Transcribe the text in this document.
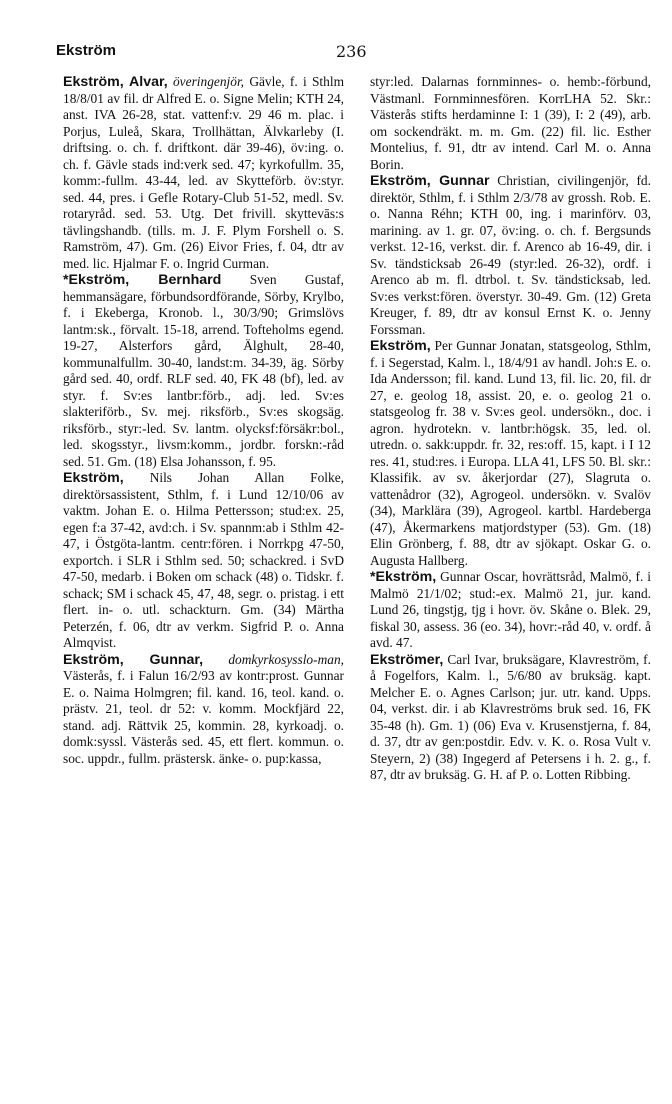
Ekström	236

Ekström, Alvar, överingenjör, Gävle, f. i Sthlm 18/8/01 av fil. dr Alfred E. o. Signe Melin; KTH 24, anst. IVA 26-28, stat. vattenf:v. 29 46 m. plac. i Porjus, Luleå, Skara, Trollhättan, Älvkarleby (I. driftsing. o. ch. f. driftkont. där 39-46), öv:ing. o. ch. f. Gävle stads ind:verk sed. 47; kyrkofullm. 35, komm:-fullm. 43-44, led. av Skytteförb. öv:styr. sed. 44, pres. i Gefle Rotary-Club 51-52, medl. Sv. rotaryråd. sed. 53. Utg. Det frivill. skyttevās:s tävlingshandb. (tills. m. J. F. Plym Forshell o. S. Ramström, 47). Gm. (26) Eivor Fries, f. 04, dtr av med. lic. Hjalmar F. o. Ingrid Curman.

*Ekström, Bernhard Sven Gustaf, hemmansägare, förbundsordförande, Sörby, Krylbo, f. i Ekeberga, Kronob. l., 30/3/90; Grimslövs lantm:sk., förvalt. 15-18, arrend. Tofteholms egend. 19-27, Alsterfors gård, Älghult, 28-40, kommunalfullm. 30-40, landst:m. 34-39, äg. Sörby gård sed. 40, ordf. RLF sed. 40, FK 48 (bf), led. av styr. f. Sv:es lantbr:förb., adj. led. Sv:es slakteriförb., Sv. mej. riksförb., Sv:es skogsäg. riksförb., styr:-led. Sv. lantm. olycksf:försäkr:bol., led. skogsstyr., livsm:komm., jordbr. forskn:-råd sed. 51. Gm. (18) Elsa Johansson, f. 95.

Ekström, Nils Johan Allan Folke, direktörsassistent, Sthlm, f. i Lund 12/10/06 av vaktm. Johan E. o. Hilma Pettersson; stud:ex. 25, egen f:a 37-42, avd:ch. i Sv. spannm:ab i Sthlm 42-47, i Östgöta-lantm. centr:fören. i Norrkpg 47-50, exportch. i SLR i Sthlm sed. 50; schackred. i SvD 47-50, medarb. i Boken om schack (48) o. Tidskr. f. schack; SM i schack 45, 47, 48, segr. o. pristag. i ett flert. in- o. utl. schackturn. Gm. (34) Märtha Peterzén, f. 06, dtr av verkm. Sigfrid P. o. Anna Almqvist.

Ekström, Gunnar, domkyrkosysslo-man, Västerås, f. i Falun 16/2/93 av kontr:prost. Gunnar E. o. Naima Holmgren; fil. kand. 16, teol. kand. o. prästv. 21, teol. dr 52: v. komm. Mockfjärd 22, stand. adj. Rättvik 25, kommin. 28, kyrkoadj. o. domk:syssl. Västerås sed. 45, ett flert. kommun. o. soc. uppdr., fullm. prästersk. änke- o. pup:kassa,

styr:led. Dalarnas fornminnes- o. hemb:-förbund, Västmanl. Fornminnesfören. KorrLHA 52. Skr.: Västerås stifts herdaminne I: 1 (39), I: 2 (49), arb. om sockendräkt. m. m. Gm. (22) fil. lic. Esther Montelius, f. 91, dtr av intend. Carl M. o. Anna Borin.

Ekström, Gunnar Christian, civilingenjör, fd. direktör, Sthlm, f. i Sthlm 2/3/78 av grossh. Rob. E. o. Nanna Réhn; KTH 00, ing. i marinförv. 03, marining. av 1. gr. 07, öv:ing. o. ch. f. Bergsunds verkst. 12-16, verkst. dir. f. Arenco ab 16-49, dir. i Sv. tändsticksab 26-49 (styr:led. 26-32), ordf. i Arenco ab m. fl. dtrbol. t. Sv. tändsticksab, led. Sv:es verkst:fören. överstyr. 30-49. Gm. (12) Greta Kreuger, f. 89, dtr av konsul Ernst K. o. Jenny Forssman.

Ekström, Per Gunnar Jonatan, statsgeolog, Sthlm, f. i Segerstad, Kalm. l., 18/4/91 av handl. Joh:s E. o. Ida Andersson; fil. kand. Lund 13, fil. lic. 20, fil. dr 27, e. geolog 18, assist. 20, e. o. geolog 21 o. statsgeolog fr. 38 v. Sv:es geol. undersökn., doc. i agron. hydrotekn. v. lantbr:högsk. 35, led. ol. utredn. o. sakk:uppdr. fr. 32, res:off. 15, kapt. i I 12 res. 41, stud:res. i Europa. LLA 41, LFS 50. Bl. skr.: Klassifik. av sv. åkerjordar (27), Slagruta o. vattenådror (32), Agrogeol. undersökn. v. Svalöv (34), Marklära (39), Agrogeol. kartbl. Hardeberga (47), Åkermarkens matjordstyper (53). Gm. (18) Elin Grönberg, f. 88, dtr av sjökapt. Oskar G. o. Augusta Hallberg.

*Ekström, Gunnar Oscar, hovrättsråd, Malmö, f. i Malmö 21/1/02; stud:-ex. Malmö 21, jur. kand. Lund 26, tingstjg, tjg i hovr. öv. Skåne o. Blek. 29, fiskal 30, assess. 36 (eo. 34), hovr:-råd 40, v. ordf. å avd. 47.

Ekströmer, Carl Ivar, bruksägare, Klavreström, f. å Fogelfors, Kalm. l., 5/6/80 av bruksäg. kapt. Melcher E. o. Agnes Carlson; jur. utr. kand. Upps. 04, verkst. dir. i ab Klavreströms bruk sed. 16, FK 35-48 (h). Gm. 1) (06) Eva v. Krusenstjerna, f. 84, d. 37, dtr av gen:postdir. Edv. v. K. o. Rosa Vult v. Steyern, 2) (38) Ingegerd af Petersens i h. 2. g., f. 87, dtr av bruksäg. G. H. af P. o. Lotten Ribbing.
